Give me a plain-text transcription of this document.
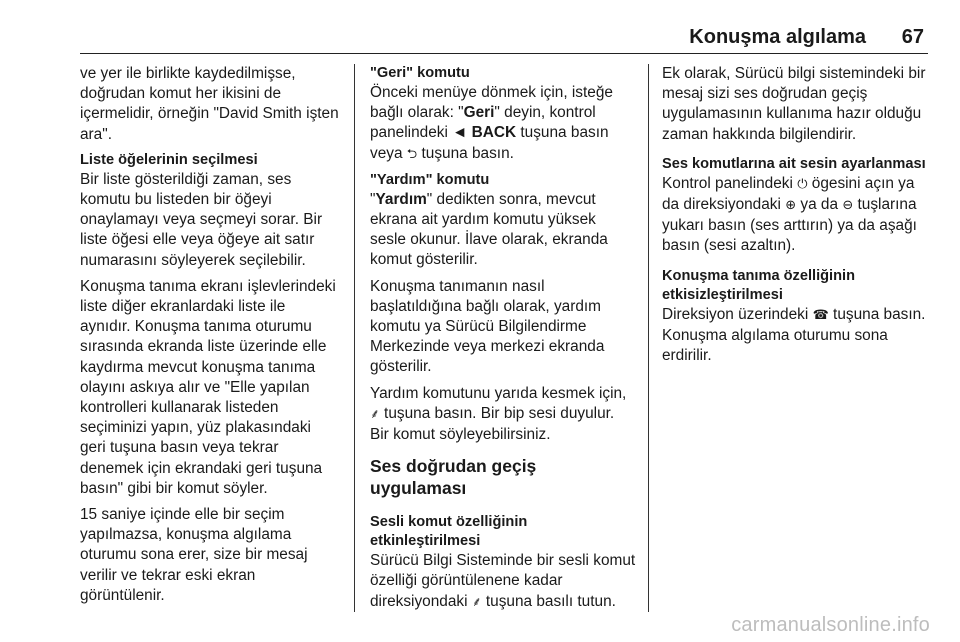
Konuşma algılama 67

ve yer ile birlikte kaydedilmişse, doğrudan komut her ikisini de içermelidir, örneğin "David Smith işten ara".

Liste öğelerinin seçilmesi

Bir liste gösterildiği zaman, ses komutu bu listeden bir öğeyi onaylamayı veya seçmeyi sorar. Bir liste öğesi elle veya öğeye ait satır numarasını söyleyerek seçilebilir.

Konuşma tanıma ekranı işlevlerindeki liste diğer ekranlardaki liste ile aynıdır. Konuşma tanıma oturumu sırasında ekranda liste üzerinde elle kaydırma mevcut konuşma tanıma olayını askıya alır ve "Elle yapılan kontrolleri kullanarak listeden seçiminizi yapın, yüz plakasındaki geri tuşuna basın veya tekrar denemek için ekrandaki geri tuşuna basın" gibi bir komut söyler.

15 saniye içinde elle bir seçim yapılmazsa, konuşma algılama oturumu sona erer, size bir mesaj verilir ve tekrar eski ekran görüntülenir.

"Geri" komutu

Önceki menüye dönmek için, isteğe bağlı olarak: "Geri" deyin, kontrol panelindeki ◄ BACK tuşuna basın veya ⮌ tuşuna basın.

"Yardım" komutu

"Yardım" dedikten sonra, mevcut ekrana ait yardım komutu yüksek sesle okunur. İlave olarak, ekranda komut gösterilir.

Konuşma tanımanın nasıl başlatıldığına bağlı olarak, yardım komutu ya Sürücü Bilgilendirme Merkezinde veya merkezi ekranda gösterilir.

Yardım komutunu yarıda kesmek için, ⸙ tuşuna basın. Bir bip sesi duyulur. Bir komut söyleyebilirsiniz.

Ses doğrudan geçiş uygulaması
Sesli komut özelliğinin etkinleştirilmesi

Sürücü Bilgi Sisteminde bir sesli komut özelliği görüntülenene kadar direksiyondaki ⸙ tuşuna basılı tutun.

Ek olarak, Sürücü bilgi sistemindeki bir mesaj sizi ses doğrudan geçiş uygulamasının kullanıma hazır olduğu zaman hakkında bilgilendirir.

Ses komutlarına ait sesin ayarlanması

Kontrol panelindeki ⏻ ögesini açın ya da direksiyondaki ⊕ ya da ⊖ tuşlarına yukarı basın (ses arttırın) ya da aşağı basın (sesi azaltın).

Konuşma tanıma özelliğinin etkisizleştirilmesi

Direksiyon üzerindeki ☎ tuşuna basın. Konuşma algılama oturumu sona erdirilir.

carmanualsonline.info
